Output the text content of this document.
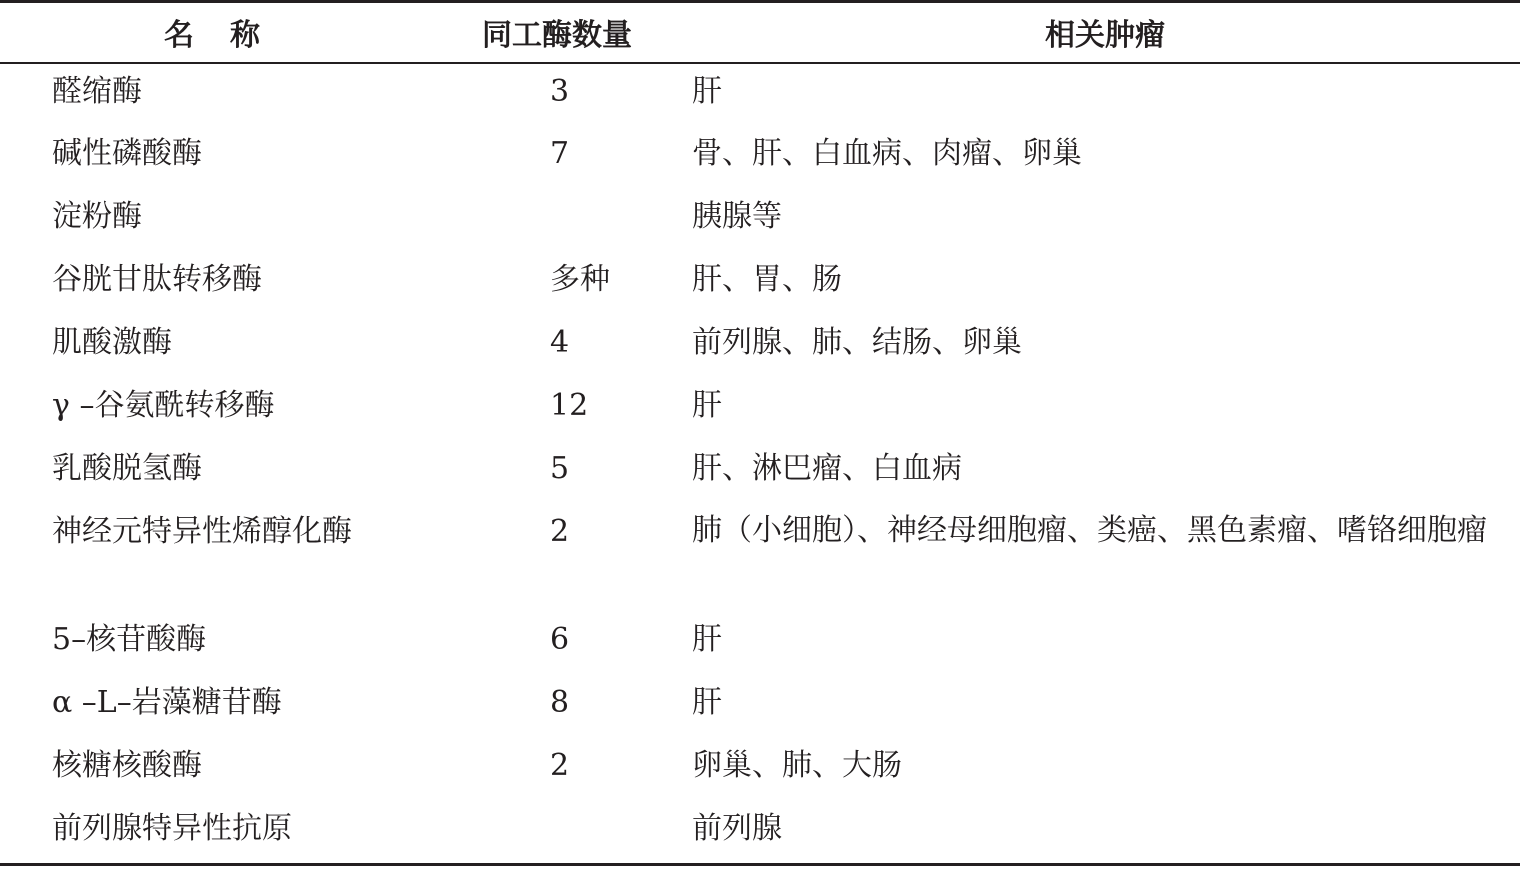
名称	同工酶数量	相关肿瘤
醛缩酶	3	肝
碱性磷酸酶	7	骨、肝、白血病、肉瘤、卵巢
淀粉酶		胰腺等
谷胱甘肽转移酶	多种	肝、胃、肠
肌酸激酶	4	前列腺、肺、结肠、卵巢
γ –谷氨酰转移酶	12	肝
乳酸脱氢酶	5	肝、淋巴瘤、白血病
神经元特异性烯醇化酶	2	肺（小细胞）、神经母细胞瘤、类癌、黑色素瘤、嗜铬细胞瘤
5–核苷酸酶	6	肝
α –L–岩藻糖苷酶	8	肝
核糖核酸酶	2	卵巢、肺、大肠
前列腺特异性抗原		前列腺
